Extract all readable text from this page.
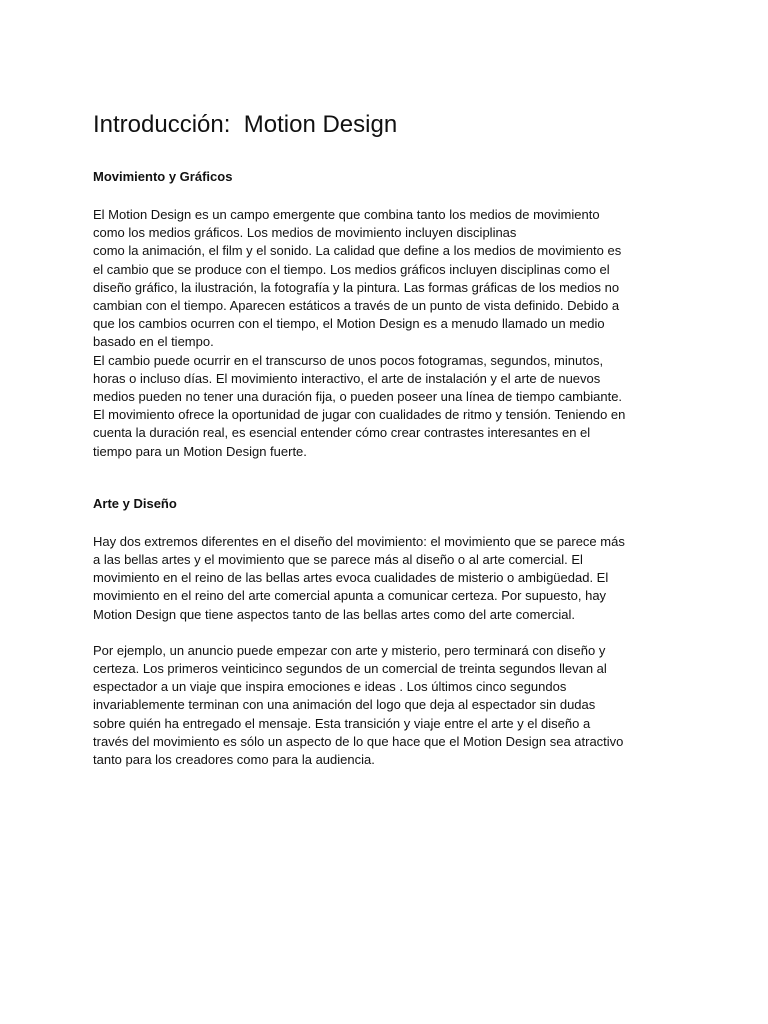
Introducción:  Motion Design
Movimiento y Gráficos

El Motion Design es un campo emergente que combina tanto los medios de movimiento
como los medios gráficos. Los medios de movimiento incluyen disciplinas
como la animación, el film y el sonido. La calidad que define a los medios de movimiento es
el cambio que se produce con el tiempo. Los medios gráficos incluyen disciplinas como el
diseño gráfico, la ilustración, la fotografía y la pintura. Las formas gráficas de los medios no
cambian con el tiempo. Aparecen estáticos a través de un punto de vista definido. Debido a
que los cambios ocurren con el tiempo, el Motion Design es a menudo llamado un medio
basado en el tiempo.

El cambio puede ocurrir en el transcurso de unos pocos fotogramas, segundos, minutos,
horas o incluso días. El movimiento interactivo, el arte de instalación y el arte de nuevos
medios pueden no tener una duración fija, o pueden poseer una línea de tiempo cambiante.
El movimiento ofrece la oportunidad de jugar con cualidades de ritmo y tensión. Teniendo en
cuenta la duración real, es esencial entender cómo crear contrastes interesantes en el
tiempo para un Motion Design fuerte.

Arte y Diseño

Hay dos extremos diferentes en el diseño del movimiento: el movimiento que se parece más
a las bellas artes y el movimiento que se parece más al diseño o al arte comercial. El
movimiento en el reino de las bellas artes evoca cualidades de misterio o ambigüedad. El
movimiento en el reino del arte comercial apunta a comunicar certeza. Por supuesto, hay
Motion Design que tiene aspectos tanto de las bellas artes como del arte comercial.

Por ejemplo, un anuncio puede empezar con arte y misterio, pero terminará con diseño y
certeza. Los primeros veinticinco segundos de un comercial de treinta segundos llevan al
espectador a un viaje que inspira emociones e ideas . Los últimos cinco segundos
invariablemente terminan con una animación del logo que deja al espectador sin dudas
sobre quién ha entregado el mensaje. Esta transición y viaje entre el arte y el diseño a
través del movimiento es sólo un aspecto de lo que hace que el Motion Design sea atractivo
tanto para los creadores como para la audiencia.
